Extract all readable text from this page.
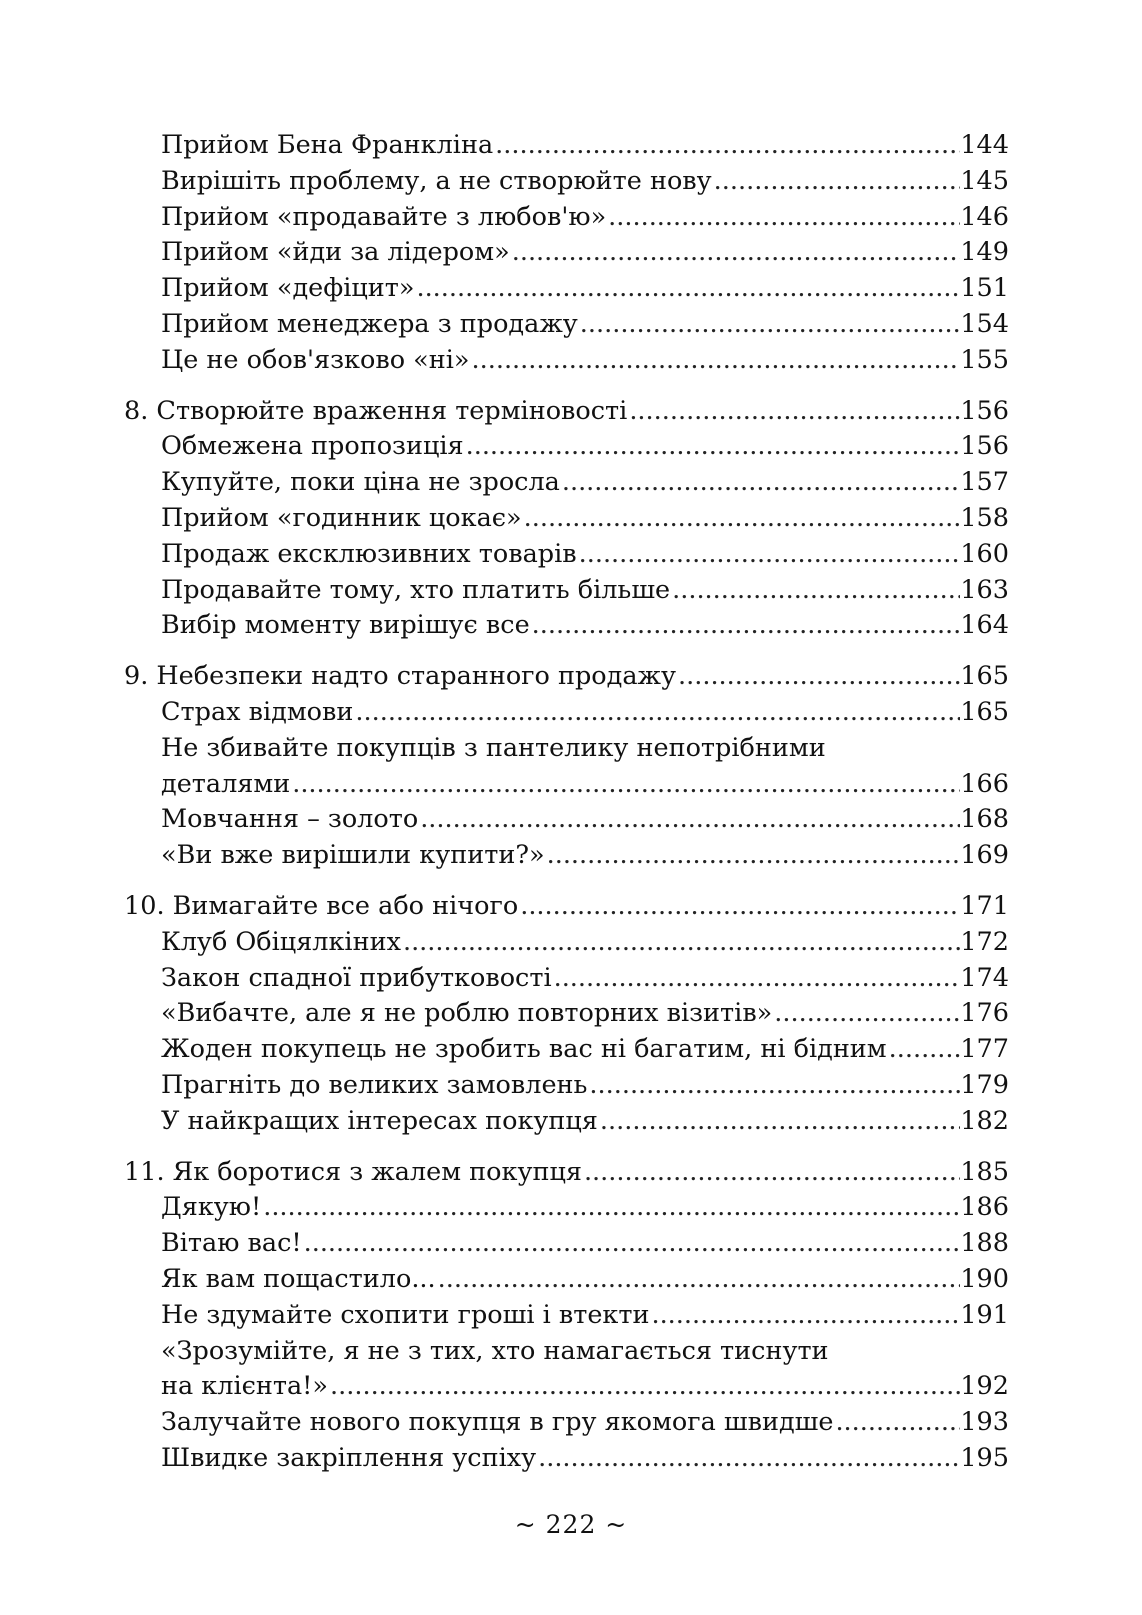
Прийом Бена Франкліна .....	144
Вирішіть проблему, а не створюйте нову .....	145
Прийом «продавайте з любов'ю» .....	146
Прийом «йди за лідером» .....	149
Прийом «дефіцит» .....	151
Прийом менеджера з продажу .....	154
Це не обов'язково «ні» .....	155
8. Створюйте враження терміновості .....	156
Обмежена пропозиція .....	156
Купуйте, поки ціна не зросла .....	157
Прийом «годинник цокає» .....	158
Продаж ексклюзивних товарів .....	160
Продавайте тому, хто платить більше .....	163
Вибір моменту вирішує все .....	164
9. Небезпеки надто старанного продажу .....	165
Страх відмови .....	165
Не збивайте покупців з пантелику непотрібними
деталями .....	166
Мовчання – золото .....	168
«Ви вже вирішили купити?» .....	169
10. Вимагайте все або нічого .....	171
Клуб Обіцялкіних .....	172
Закон спадної прибутковості .....	174
«Вибачте, але я не роблю повторних візитів» .....	176
Жоден покупець не зробить вас ні багатим, ні бідним .....	177
Прагніть до великих замовлень .....	179
У найкращих інтересах покупця .....	182
11. Як боротися з жалем покупця .....	185
Дякую! .....	186
Вітаю вас! .....	188
Як вам пощастило... .....	190
Не здумайте схопити гроші і втекти .....	191
«Зрозумійте, я не з тих, хто намагається тиснути
на клієнта!» .....	192
Залучайте нового покупця в гру якомога швидше .....	193
Швидке закріплення успіху .....	195
~ 222 ~
